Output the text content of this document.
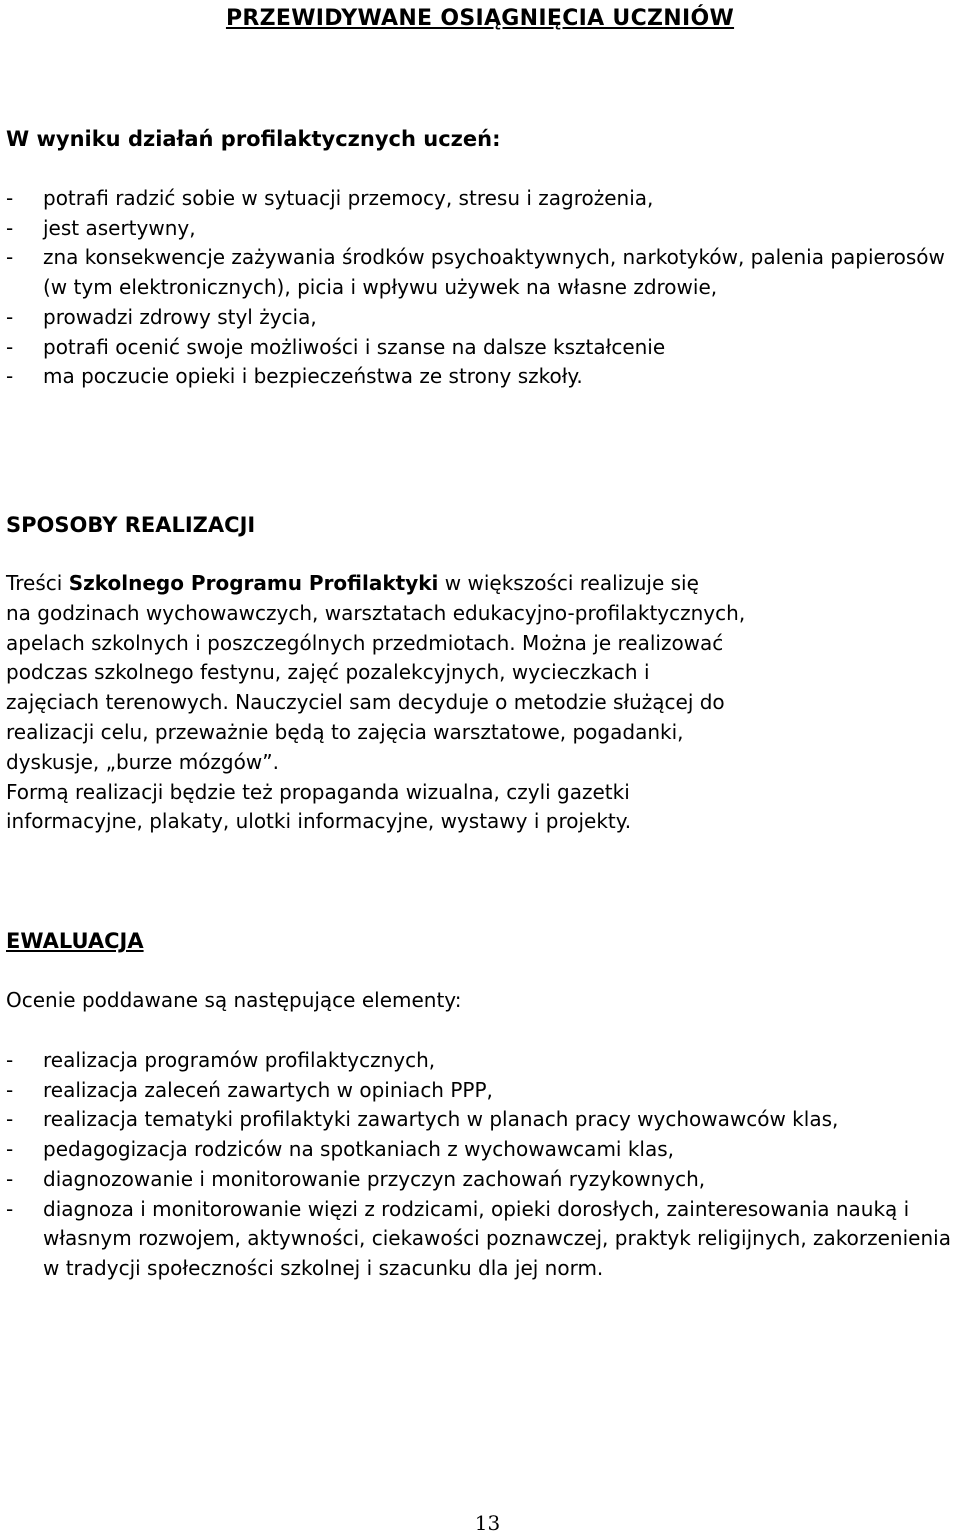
PRZEWIDYWANE OSIĄGNIĘCIA UCZNIÓW
W wyniku działań profilaktycznych uczeń:
- potrafi radzić sobie w sytuacji przemocy, stresu i zagrożenia,
- jest asertywny,
- zna konsekwencje zażywania środków psychoaktywnych, narkotyków, palenia papierosów (w tym elektronicznych), picia i wpływu używek na własne zdrowie,
- prowadzi zdrowy styl życia,
- potrafi ocenić swoje możliwości i szanse na dalsze kształcenie
- ma poczucie opieki i bezpieczeństwa ze strony szkoły.
SPOSOBY REALIZACJI

Treści Szkolnego Programu Profilaktyki w większości realizuje się
na godzinach wychowawczych, warsztatach edukacyjno-profilaktycznych,
apelach szkolnych i poszczególnych przedmiotach. Można je realizować
podczas szkolnego festynu, zajęć pozalekcyjnych, wycieczkach i
zajęciach terenowych. Nauczyciel sam decyduje o metodzie służącej do
realizacji celu, przeważnie będą to zajęcia warsztatowe, pogadanki,
dyskusje, „burze mózgów”.
Formą realizacji będzie też propaganda wizualna, czyli gazetki
informacyjne, plakaty, ulotki informacyjne, wystawy i projekty.

EWALUACJA

Ocenie poddawane są następujące elementy:

- realizacja programów profilaktycznych,
- realizacja zaleceń zawartych w opiniach PPP,
- realizacja tematyki profilaktyki zawartych w planach pracy wychowawców klas,
- pedagogizacja rodziców na spotkaniach z wychowawcami klas,
- diagnozowanie i monitorowanie przyczyn zachowań ryzykownych,
- diagnoza i monitorowanie więzi z rodzicami, opieki dorosłych, zainteresowania nauką i własnym rozwojem, aktywności, ciekawości poznawczej, praktyk religijnych, zakorzenienia w tradycji społeczności szkolnej i szacunku dla jej norm.

13
